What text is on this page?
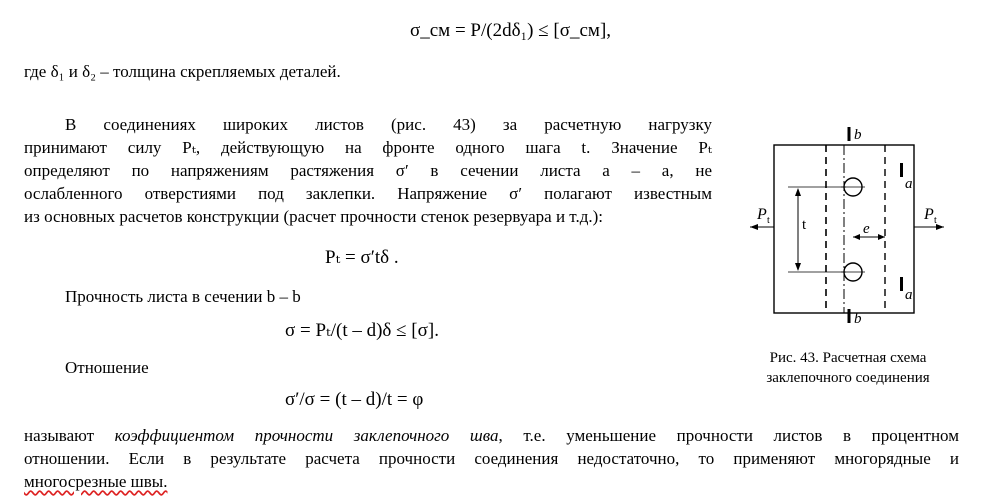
σ_см = P/(2dδ₁) ≤ [σ_см],
где δ₁ и δ₂ – толщина скрепляемых деталей.
В соединениях широких листов (рис. 43) за расчетную нагрузку
принимают силу Pₜ, действующую на фронте одного шага t. Значение Pₜ
определяют по напряжениям растяжения σ′ в сечении листа a – a, не
ослабленного отверстиями под заклепки. Напряжение σ′ полагают известным
из основных расчетов конструкции (расчет прочности стенок резервуара и т.д.):
Pₜ = σ′tδ .
Прочность листа в сечении b – b
σ = Pₜ/(t – d)δ ≤ [σ].
Отношение
σ′/σ = (t – d)/t = φ
называют коэффициентом прочности заклепочного шва, т.е. уменьшение прочности листов в процентном
отношении. Если в результате расчета прочности соединения недостаточно, то применяют многорядные и
многосрезные швы.
t	e
b
b
a
a
P t	P t
Рис. 43. Расчетная схема
заклепочного соединения
